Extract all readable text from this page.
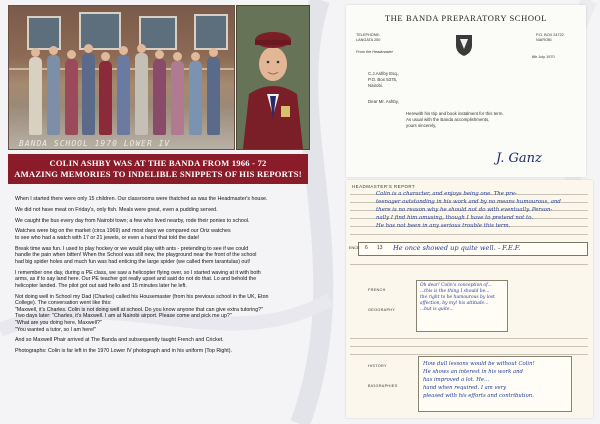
BANDA SCHOOL 1970 LOWER IV
COLIN ASHBY WAS AT THE BANDA FROM 1966 - 72
AMAZING MEMORIES TO INDELIBLE SNIPPETS OF HIS REPORTS!

When I started there were only 15 children. Our classrooms were thatched as was the Headmaster's house.

We did not have meat on Friday's, only fish. Meals were great, even a pudding served.

We caught the bus every day from Nairobi town; a few who lived nearby, rode their ponies to school.

Watches were big on the market (circa 1969) and most days we compared our Oriz watches
to see who had a watch with 17 or 21 jewels, or even a hand that told the date!

Break time was fun. I used to play hockey or we would play with ants - pretending to see if we could
handle the pain when bitten! When the School was still new, the playground near the front of the school
had big spider holes and much fun was had enticing the large spider (we called them tarantulas) out!

I remember one day, during a PE class, we saw a helicopter flying over, so I started waving at it with both
arms, as if to say land here. Our PE teacher got really upset and said do not do that. Lo and behold the
helicopter landed. The pilot got out said hello and 15 minutes later he left.

Not doing well in School my Dad (Charles) called his Housemaster (from his previous school in the UK, Eton
College). The conversation went like this:
"Maxwell, it's Charles. Colin is not doing well at school. Do you know anyone that can give extra tutoring?"
Two days later: "Charles, it's Maxwell. I am at Nairobi airport. Please come and pick me up?"
"What are you doing here, Maxwell?"
"You wanted a tutor, so I am here!"

And so Maxwell Phair arrived at The Banda and subsequently taught French and Cricket.

Photographs: Colin is far left in the 1970 Lower IV photograph and in his uniform (Top Right).

THE BANDA PREPARATORY SCHOOL
TELEPHONE:
LANGATA 250
P.O. BOX 24722
NAIROBI
From the Headmaster
8th July 1970
C.J.Ashby Esq.,
P.O. Box 5375,
Nairobi.
Dear Mr. Ashby,
Herewith his trip and book instalment for this term.
As usual with the Banda accomplishments,
yours sincerely,
J. Ganz
HEADMASTER'S REPORT
Colin is a character, and enjoys being one. The pre-
teenager outstanding in his work and by no means humourous, and
there is no reason why he should not do with eventually. Person-
nally I find him amusing, though I have to pretend not to.
He has not been in any serious trouble this term.
ENCE 6 13 He once showed up quite well. - F.E.F.
FRENCH
GEOGRAPHY
Oh dear! Colin's conception of...
...this is the thing I should be...
the right to be humourous by lost
affection, by my! his attitude...
...but is quite...
HISTORY
BIOGRAPHIES
How dull lessons would be without Colin!
He shows an interest in his work and
has improved a lot. He...
hand when required. I am very
pleased with his efforts and contribution.
